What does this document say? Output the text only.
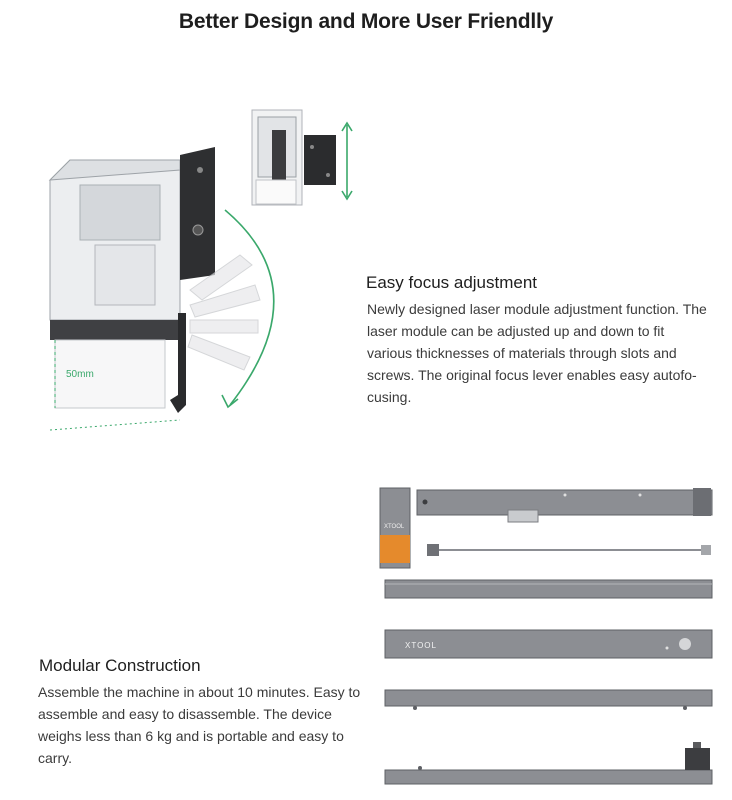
Better Design and More User Friendlly
50mm
Easy focus adjustment
Newly designed laser module adjustment function. The laser module can be adjusted up and down to fit various thicknesses of materials through slots and screws. The original focus lever enables easy autofo-cusing.
XTOOL
XTOOL
Modular Construction
Assemble the machine in about 10 minutes. Easy to assemble and easy to disassemble. The device weighs less than 6 kg and is portable and easy to carry.
